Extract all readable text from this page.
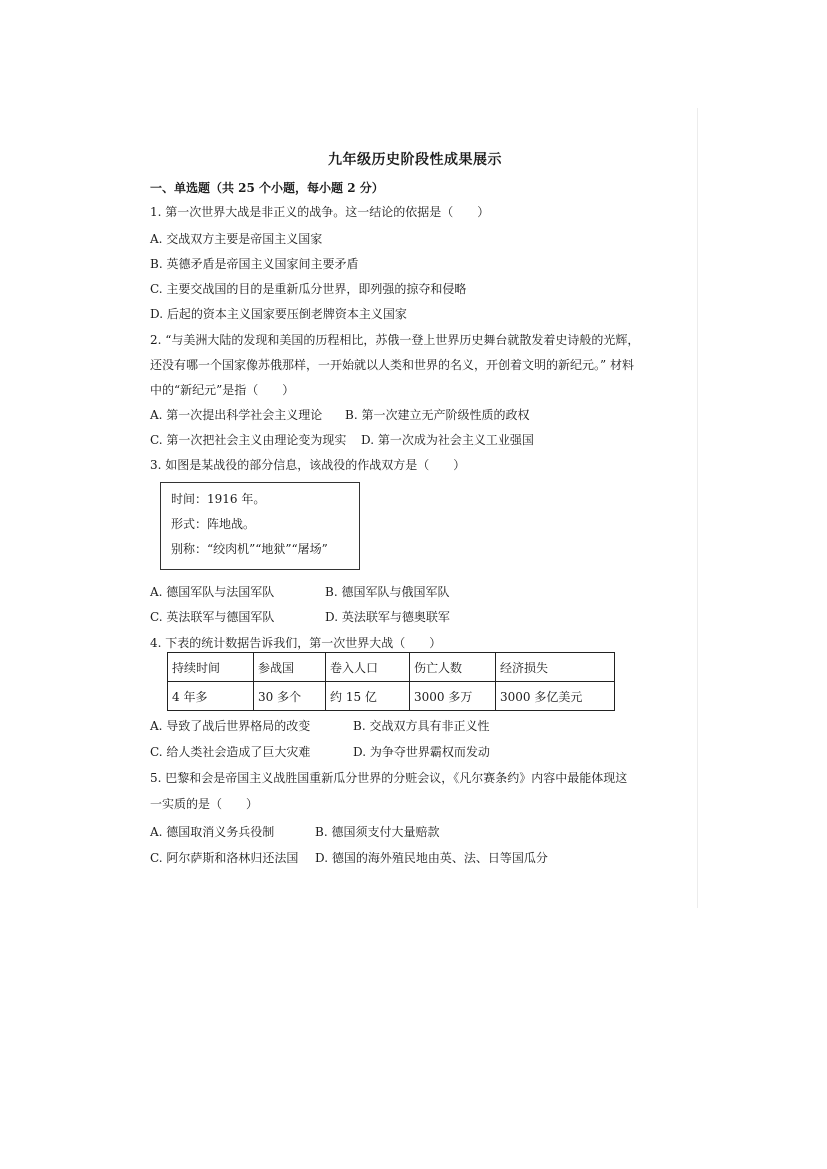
九年级历史阶段性成果展示
一、单选题（共 25 个小题，每小题 2 分）
1. 第一次世界大战是非正义的战争。这一结论的依据是（　　）
A. 交战双方主要是帝国主义国家
B. 英德矛盾是帝国主义国家间主要矛盾
C. 主要交战国的目的是重新瓜分世界，即列强的掠夺和侵略
D. 后起的资本主义国家要压倒老牌资本主义国家
2. “与美洲大陆的发现和美国的历程相比，苏俄一登上世界历史舞台就散发着史诗般的光辉，
还没有哪一个国家像苏俄那样，一开始就以人类和世界的名义，开创着文明的新纪元。” 材料
中的“新纪元”是指（　　）
A. 第一次提出科学社会主义理论 B. 第一次建立无产阶级性质的政权
C. 第一次把社会主义由理论变为现实 D. 第一次成为社会主义工业强国
3. 如图是某战役的部分信息，该战役的作战双方是（　　）
时间：1916 年。
形式：阵地战。
别称：“绞肉机”“地狱”“屠场”
A. 德国军队与法国军队	B. 德国军队与俄国军队
C. 英法联军与德国军队	D. 英法联军与德奥联军
4. 下表的统计数据告诉我们，第一次世界大战（　　）
持续时间	参战国	卷入人口	伤亡人数	经济损失
4 年多	30 多个	约 15 亿	3000 多万	3000 多亿美元
A. 导致了战后世界格局的改变	B. 交战双方具有非正义性
C. 给人类社会造成了巨大灾难	D. 为争夺世界霸权而发动
5. 巴黎和会是帝国主义战胜国重新瓜分世界的分赃会议，《凡尔赛条约》内容中最能体现这
一实质的是（　　）
A. 德国取消义务兵役制	B. 德国须支付大量赔款
C. 阿尔萨斯和洛林归还法国 D. 德国的海外殖民地由英、法、日等国瓜分
